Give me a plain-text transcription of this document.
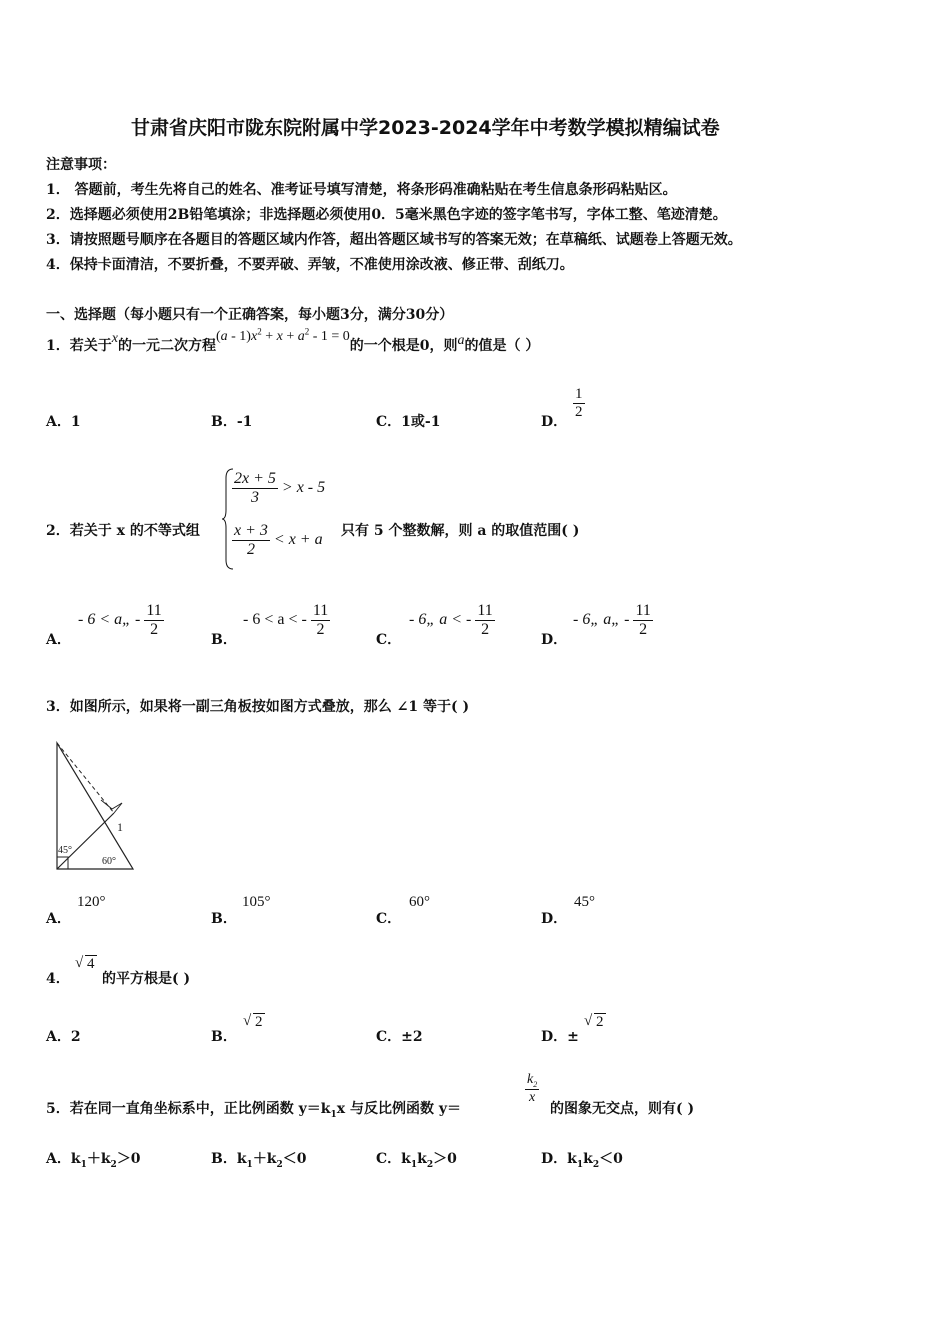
甘肃省庆阳市陇东院附属中学2023-2024学年中考数学模拟精编试卷
注意事项：
1． 答题前，考生先将自己的姓名、准考证号填写清楚，将条形码准确粘贴在考生信息条形码粘贴区。
2．选择题必须使用2B铅笔填涂；非选择题必须使用0．5毫米黑色字迹的签字笔书写，字体工整、笔迹清楚。
3．请按照题号顺序在各题目的答题区域内作答，超出答题区域书写的答案无效；在草稿纸、试题卷上答题无效。
4．保持卡面清洁，不要折叠，不要弄破、弄皱，不准使用涂改液、修正带、刮纸刀。
一、选择题（每小题只有一个正确答案，每小题3分，满分30分）
1．若关于x的一元二次方程$(a - 1)x^2 + x + a^2 - 1 = 0$的一个根是0，则a的值是（ ）
A．1	B．-1	C．1或-1	D．
$\frac{1}{2}$
2．若关于 x 的不等式组
$\frac{2x + 5}{3} > x - 5$
$\frac{x + 3}{2} < x + a$
只有 5 个整数解，则 a 的取值范围( )
A．
- 6 < a„ - $\frac{11}{2}$
B．
- 6 < a < - $\frac{11}{2}$
C．
- 6„ a < - $\frac{11}{2}$
D．
- 6„ a„ - $\frac{11}{2}$
3．如图所示，如果将一副三角板按如图方式叠放，那么 ∠1 等于( )
45°
60°
1
A．
120°
B．
105°
C．
60°
D．
45°
4．
√ 4
的平方根是( )
A．2	B．
√ 2
C．±2	D．±
√ 2
5．若在同一直角坐标系中，正比例函数 $y=k_1x$ 与反比例函数 y＝
$\frac{k_2}{x}$
的图象无交点，则有( )
A．$k_1+k_2>0$	B．$k_1+k_2<0$	C．$k_1k_2>0$	D．$k_1k_2<0$
